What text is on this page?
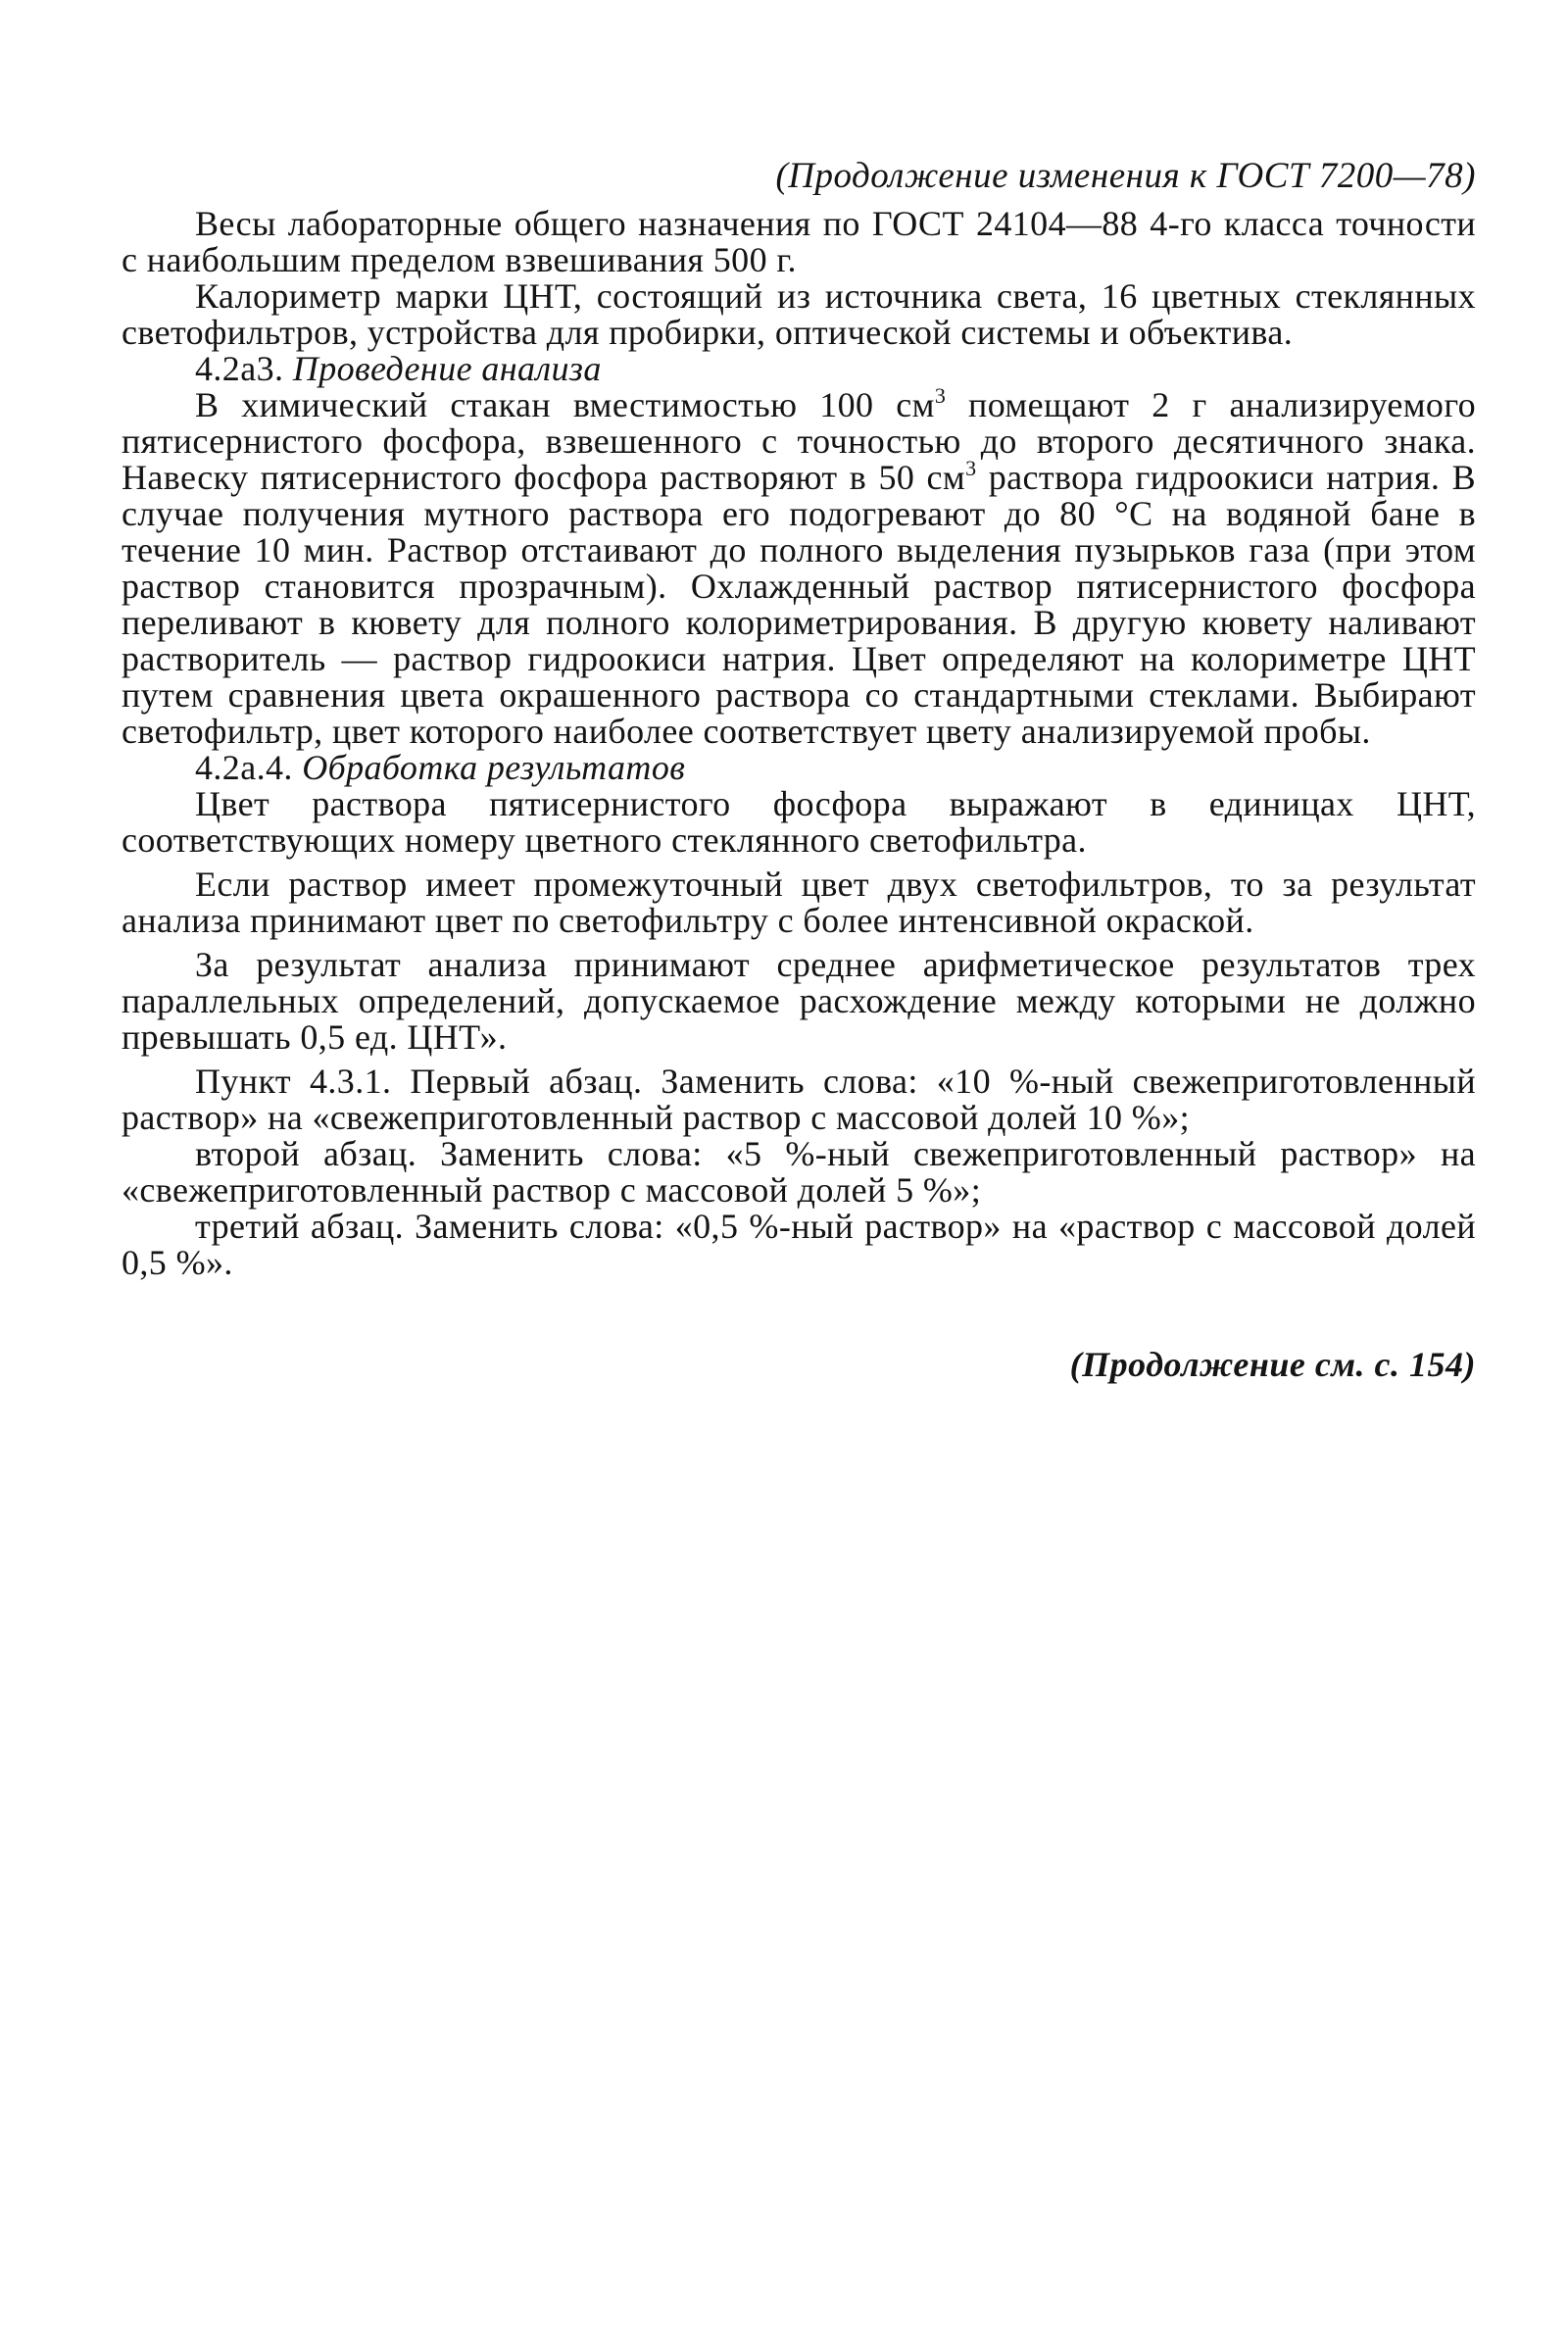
(Продолжение изменения к ГОСТ 7200—78)

Весы лабораторные общего назначения по ГОСТ 24104—88 4-го класса точности с наибольшим пределом взвешивания 500 г.

Калориметр марки ЦНТ, состоящий из источника света, 16 цветных стеклянных светофильтров, устройства для пробирки, оптической системы и объектива.

4.2а3. Проведение анализа

В химический стакан вместимостью 100 $см^3$ помещают 2 г анализируемого пятисернистого фосфора, взвешенного с точностью до второго десятичного знака. Навеску пятисернистого фосфора растворяют в 50 $см^3$ раствора гидроокиси натрия. В случае получения мутного раствора его подогревают до 80 °С на водяной бане в течение 10 мин. Раствор отстаивают до полного выделения пузырьков газа (при этом раствор становится прозрачным). Охлажденный раствор пятисернистого фосфора переливают в кювету для полного колориметрирования. В другую кювету наливают растворитель — раствор гидроокиси натрия. Цвет определяют на колориметре ЦНТ путем сравнения цвета окрашенного раствора со стандартными стеклами. Выбирают светофильтр, цвет которого наиболее соответствует цвету анализируемой пробы.

4.2а.4. Обработка результатов

Цвет раствора пятисернистого фосфора выражают в единицах ЦНТ, соответствующих номеру цветного стеклянного светофильтра.

Если раствор имеет промежуточный цвет двух светофильтров, то за результат анализа принимают цвет по светофильтру с более интенсивной окраской.

За результат анализа принимают среднее арифметическое результатов трех параллельных определений, допускаемое расхождение между которыми не должно превышать 0,5 ед. ЦНТ».

Пункт 4.3.1. Первый абзац. Заменить слова: «10 %-ный свежеприготовленный раствор» на «свежеприготовленный раствор с массовой долей 10 %»;

второй абзац. Заменить слова: «5 %-ный свежеприготовленный раствор» на «свежеприготовленный раствор с массовой долей 5 %»;

третий абзац. Заменить слова: «0,5 %-ный раствор» на «раствор с массовой долей 0,5 %».

(Продолжение см. с. 154)
